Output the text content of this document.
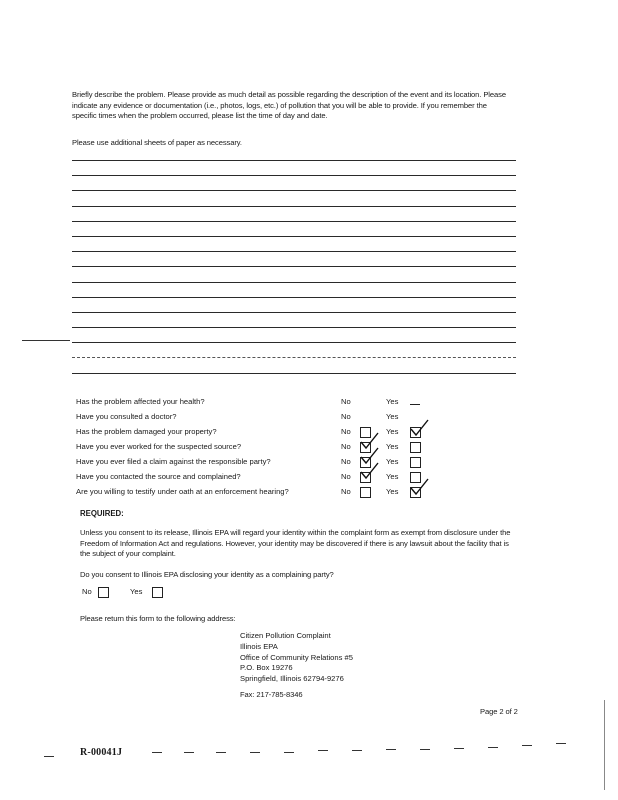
Briefly describe the problem. Please provide as much detail as possible regarding the description of the event and its location. Please indicate any evidence or documentation (i.e., photos, logs, etc.) of pollution that you will be able to provide. If you remember the specific times when the problem occurred, please list the time of day and date.
Please use additional sheets of paper as necessary.
Has the problem affected your health?	No	Yes
Have you consulted a doctor?	No	Yes
Has the problem damaged your property?	No	Yes
Have you ever worked for the suspected source?	No	Yes
Have you ever filed a claim against the responsible party?	No	Yes
Have you contacted the source and complained?	No	Yes
Are you willing to testify under oath at an enforcement hearing?	No	Yes
REQUIRED:
Unless you consent to its release, Illinois EPA will regard your identity within the complaint form as exempt from disclosure under the Freedom of Information Act and regulations. However, your identity may be discovered if there is any lawsuit about the facility that is the subject of your complaint.
Do you consent to Illinois EPA disclosing your identity as a complaining party?
No	Yes
Please return this form to the following address:
Citizen Pollution Complaint
Illinois EPA
Office of Community Relations #5
P.O. Box 19276
Springfield, Illinois 62794-9276
Fax: 217-785-8346
Page 2 of 2
R-00041J
